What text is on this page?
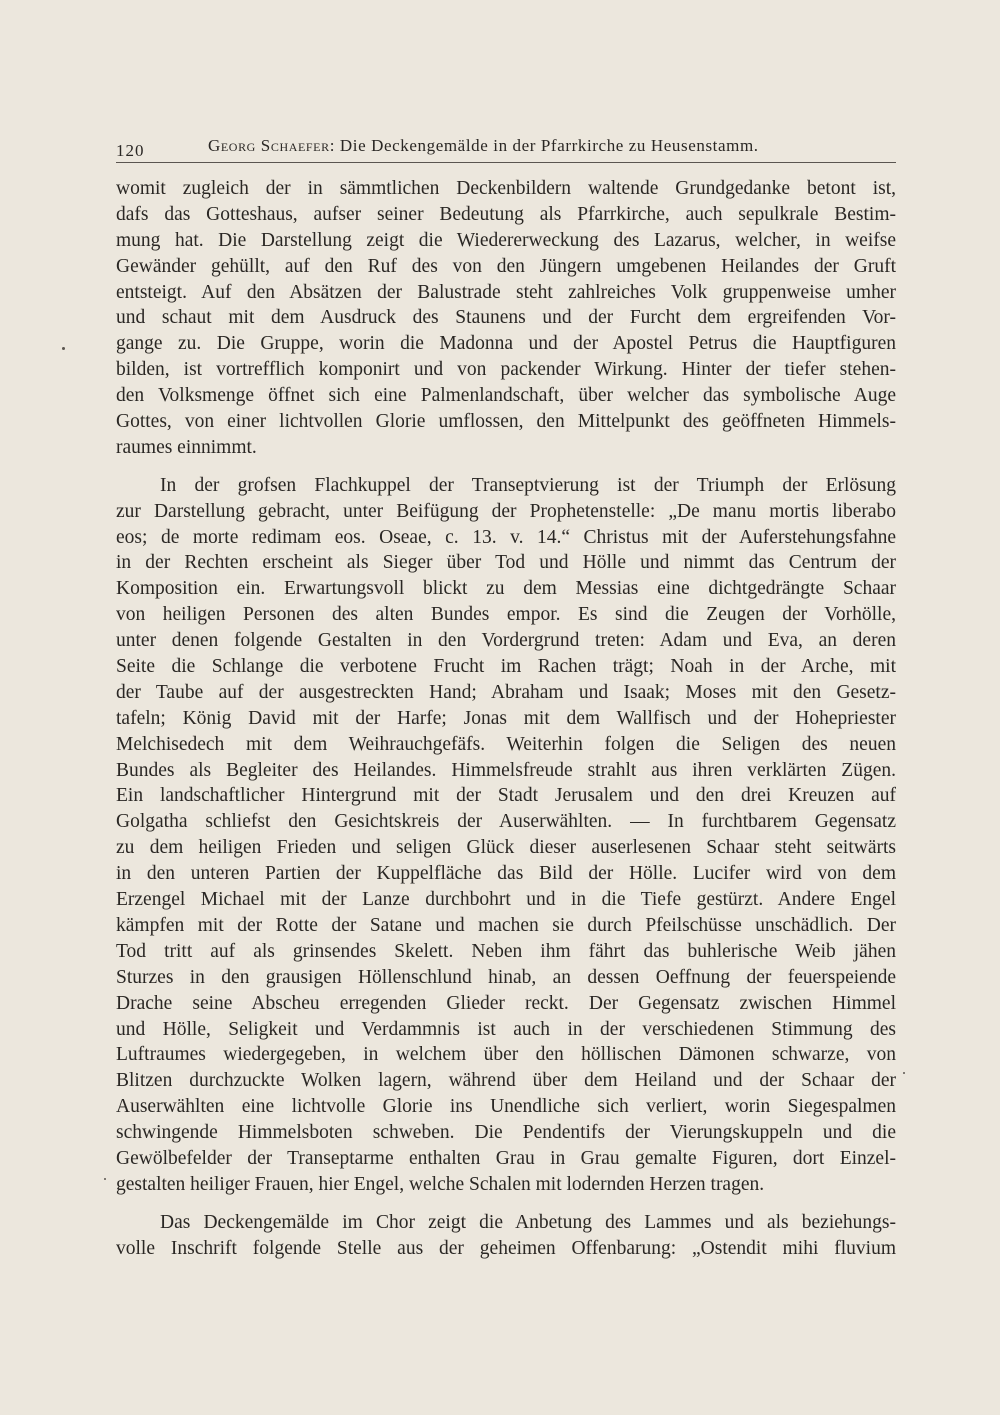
120	Georg Schaefer: Die Deckengemälde in der Pfarrkirche zu Heusenstamm.
womit zugleich der in sämmtlichen Deckenbildern waltende Grundgedanke betont ist,
dafs das Gotteshaus, aufser seiner Bedeutung als Pfarrkirche, auch sepulkrale Bestim-
mung hat. Die Darstellung zeigt die Wiedererweckung des Lazarus, welcher, in weifse
Gewänder gehüllt, auf den Ruf des von den Jüngern umgebenen Heilandes der Gruft
entsteigt. Auf den Absätzen der Balustrade steht zahlreiches Volk gruppenweise umher
und schaut mit dem Ausdruck des Staunens und der Furcht dem ergreifenden Vor-
gange zu. Die Gruppe, worin die Madonna und der Apostel Petrus die Hauptfiguren
bilden, ist vortrefflich komponirt und von packender Wirkung. Hinter der tiefer stehen-
den Volksmenge öffnet sich eine Palmenlandschaft, über welcher das symbolische Auge
Gottes, von einer lichtvollen Glorie umflossen, den Mittelpunkt des geöffneten Himmels-
raumes einnimmt.
In der grofsen Flachkuppel der Transeptvierung ist der Triumph der Erlösung
zur Darstellung gebracht, unter Beifügung der Prophetenstelle: „De manu mortis liberabo
eos; de morte redimam eos. Oseae, c. 13. v. 14.“ Christus mit der Auferstehungsfahne
in der Rechten erscheint als Sieger über Tod und Hölle und nimmt das Centrum der
Komposition ein. Erwartungsvoll blickt zu dem Messias eine dichtgedrängte Schaar
von heiligen Personen des alten Bundes empor. Es sind die Zeugen der Vorhölle,
unter denen folgende Gestalten in den Vordergrund treten: Adam und Eva, an deren
Seite die Schlange die verbotene Frucht im Rachen trägt; Noah in der Arche, mit
der Taube auf der ausgestreckten Hand; Abraham und Isaak; Moses mit den Gesetz-
tafeln; König David mit der Harfe; Jonas mit dem Wallfisch und der Hohepriester
Melchisedech mit dem Weihrauchgefäfs. Weiterhin folgen die Seligen des neuen
Bundes als Begleiter des Heilandes. Himmelsfreude strahlt aus ihren verklärten Zügen.
Ein landschaftlicher Hintergrund mit der Stadt Jerusalem und den drei Kreuzen auf
Golgatha schliefst den Gesichtskreis der Auserwählten. — In furchtbarem Gegensatz
zu dem heiligen Frieden und seligen Glück dieser auserlesenen Schaar steht seitwärts
in den unteren Partien der Kuppelfläche das Bild der Hölle. Lucifer wird von dem
Erzengel Michael mit der Lanze durchbohrt und in die Tiefe gestürzt. Andere Engel
kämpfen mit der Rotte der Satane und machen sie durch Pfeilschüsse unschädlich. Der
Tod tritt auf als grinsendes Skelett. Neben ihm fährt das buhlerische Weib jähen
Sturzes in den grausigen Höllenschlund hinab, an dessen Oeffnung der feuerspeiende
Drache seine Abscheu erregenden Glieder reckt. Der Gegensatz zwischen Himmel
und Hölle, Seligkeit und Verdammnis ist auch in der verschiedenen Stimmung des
Luftraumes wiedergegeben, in welchem über den höllischen Dämonen schwarze, von
Blitzen durchzuckte Wolken lagern, während über dem Heiland und der Schaar der
Auserwählten eine lichtvolle Glorie ins Unendliche sich verliert, worin Siegespalmen
schwingende Himmelsboten schweben. Die Pendentifs der Vierungskuppeln und die
Gewölbefelder der Transeptarme enthalten Grau in Grau gemalte Figuren, dort Einzel-
gestalten heiliger Frauen, hier Engel, welche Schalen mit lodernden Herzen tragen.
Das Deckengemälde im Chor zeigt die Anbetung des Lammes und als beziehungs-
volle Inschrift folgende Stelle aus der geheimen Offenbarung: „Ostendit mihi fluvium
